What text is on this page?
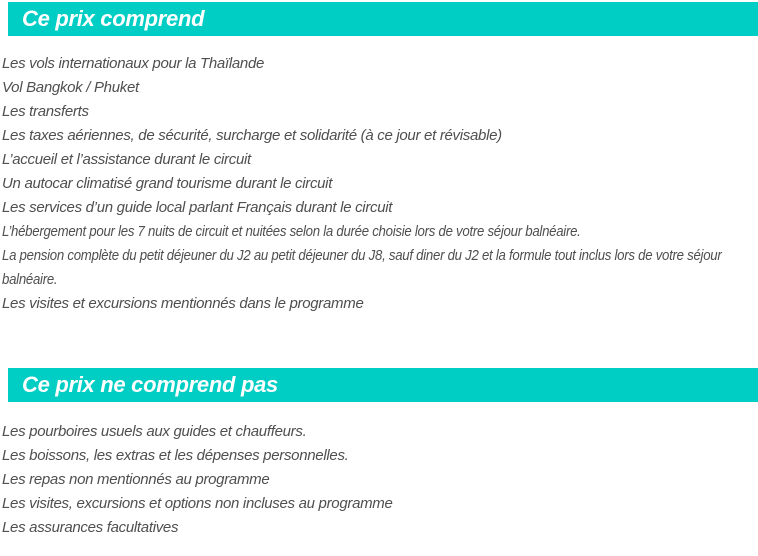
Ce prix comprend

Les vols internationaux pour la Thaïlande

Vol Bangkok / Phuket

Les transferts

Les taxes aériennes, de sécurité, surcharge et solidarité (à ce jour et révisable)

L’accueil et l’assistance durant le circuit

Un autocar climatisé grand tourisme durant le circuit

Les services d’un guide local parlant Français durant le circuit

L’hébergement pour les 7 nuits de circuit et nuitées selon la durée choisie lors de votre séjour balnéaire.

La pension complète du petit déjeuner du J2 au petit déjeuner du J8, sauf diner du J2 et la formule tout inclus lors de votre séjour balnéaire.

Les visites et excursions mentionnés dans le programme

Ce prix ne comprend pas

Les pourboires usuels aux guides et chauffeurs.

Les boissons, les extras et les dépenses personnelles.

Les repas non mentionnés au programme

Les visites, excursions et options non incluses au programme

Les assurances facultatives
